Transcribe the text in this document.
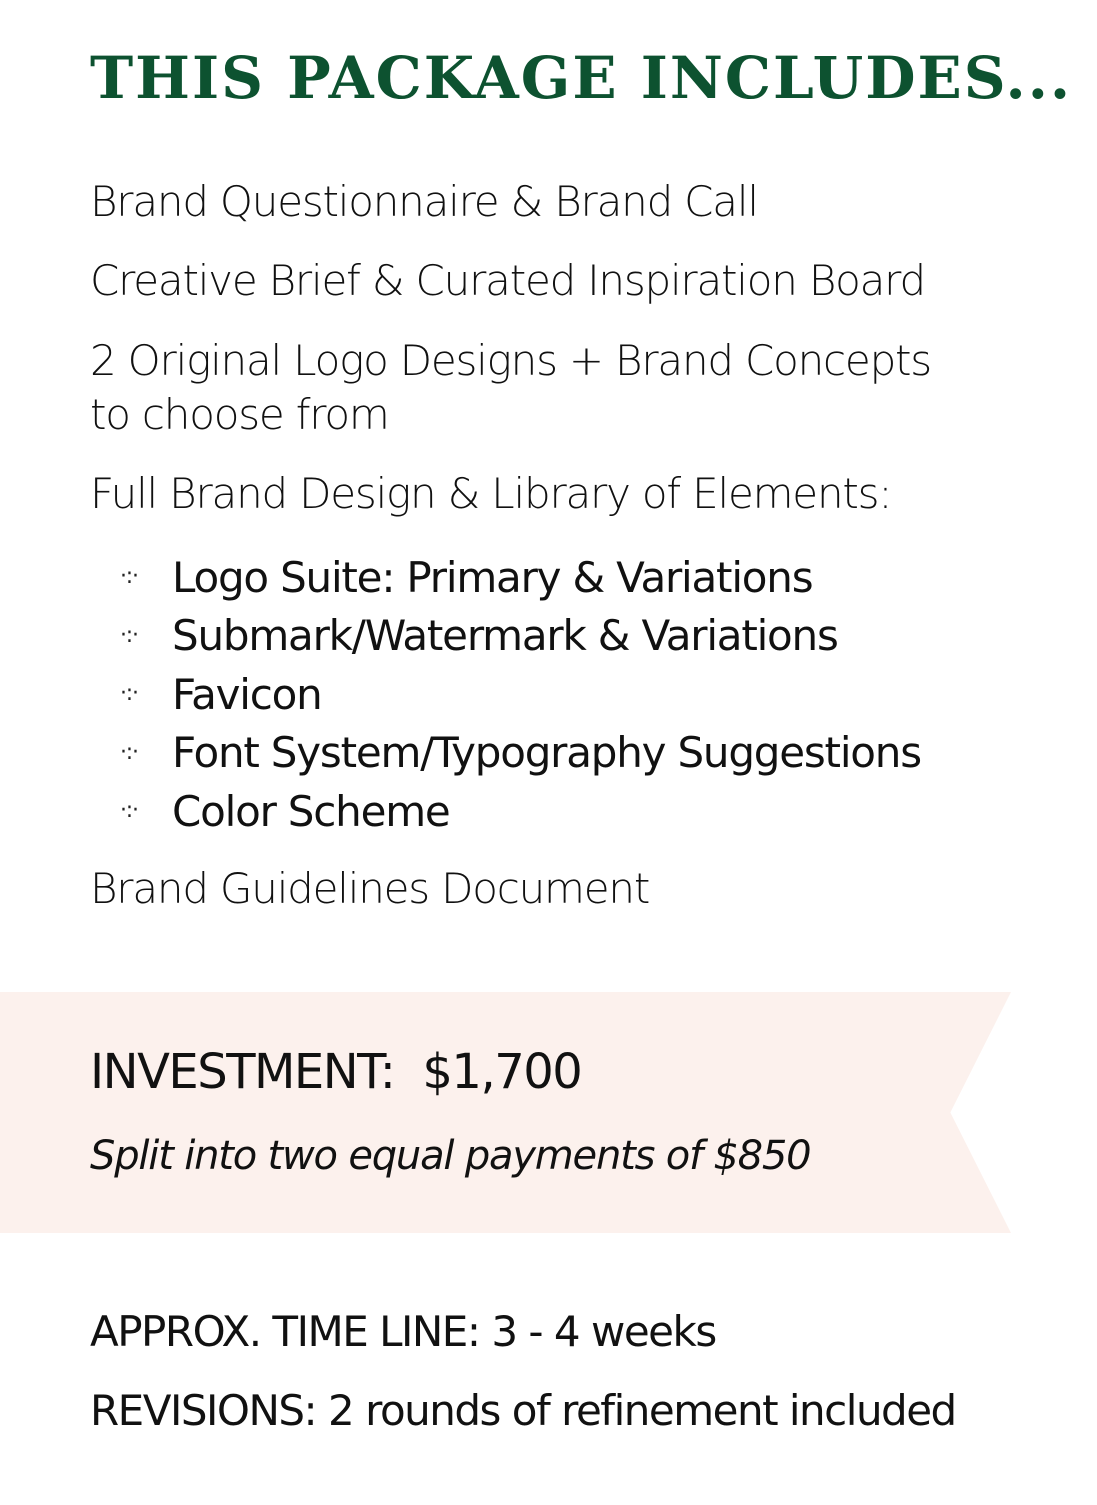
THIS PACKAGE INCLUDES...

Brand Questionnaire & Brand Call

Creative Brief & Curated Inspiration Board

2 Original Logo Designs + Brand Concepts

to choose from

Full Brand Design & Library of Elements:

·:· Logo Suite: Primary & Variations
·:· Submark/Watermark & Variations
·:· Favicon
·:· Font System/Typography Suggestions
·:· Color Scheme

Brand Guidelines Document

INVESTMENT: $1,700

Split into two equal payments of $850

APPROX. TIME LINE: 3 - 4 weeks

REVISIONS: 2 rounds of refinement included
